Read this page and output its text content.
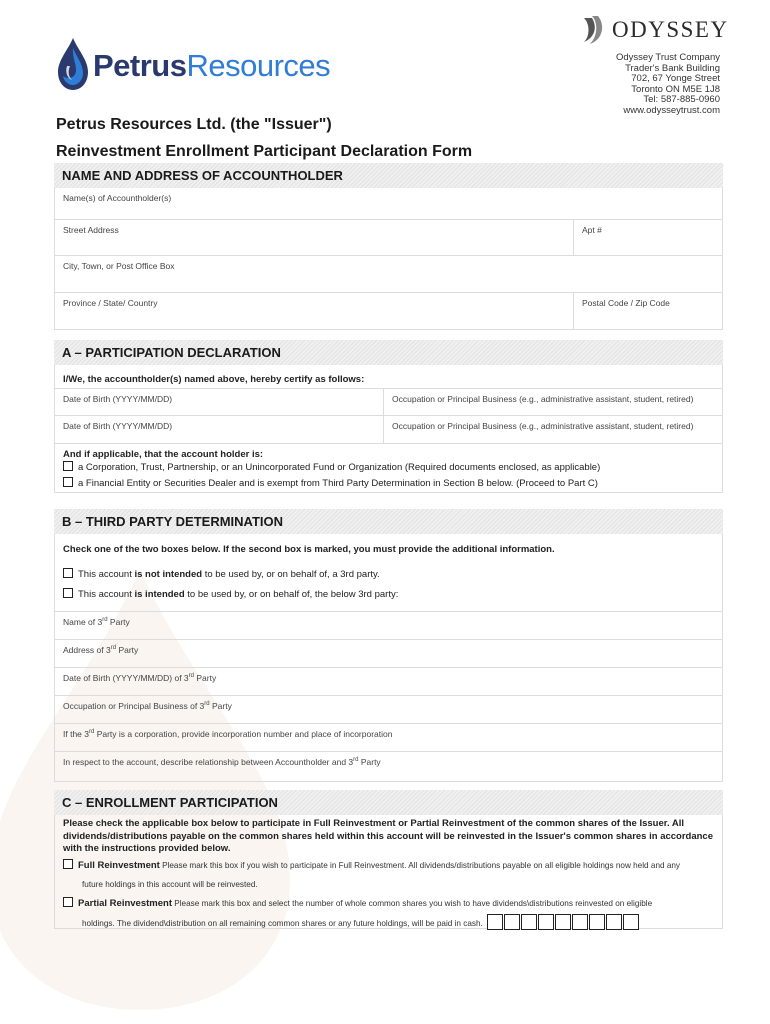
PetrusResources
ODYSSEY
Odyssey Trust Company
Trader's Bank Building
702, 67 Yonge Street
Toronto ON M5E 1J8
Tel: 587-885-0960
www.odysseytrust.com
Petrus Resources Ltd. (the "Issuer")
Reinvestment Enrollment Participant Declaration Form
NAME AND ADDRESS OF ACCOUNTHOLDER
Name(s) of Accountholder(s)
Street Address	Apt #
City, Town, or Post Office Box
Province / State/ Country	Postal Code / Zip Code
A – PARTICIPATION DECLARATION
I/We, the accountholder(s) named above, hereby certify as follows:
Date of Birth (YYYY/MM/DD)	Occupation or Principal Business (e.g., administrative assistant, student, retired)
Date of Birth (YYYY/MM/DD)	Occupation or Principal Business (e.g., administrative assistant, student, retired)
And if applicable, that the account holder is:
a Corporation, Trust, Partnership, or an Unincorporated Fund or Organization (Required documents enclosed, as applicable)
a Financial Entity or Securities Dealer and is exempt from Third Party Determination in Section B below. (Proceed to Part C)
B – THIRD PARTY DETERMINATION
Check one of the two boxes below. If the second box is marked, you must provide the additional information.
This account is not intended to be used by, or on behalf of, a 3rd party.
This account is intended to be used by, or on behalf of, the below 3rd party:
Name of 3rd Party
Address of 3rd Party
Date of Birth (YYYY/MM/DD) of 3rd Party
Occupation or Principal Business of 3rd Party
If the 3rd Party is a corporation, provide incorporation number and place of incorporation
In respect to the account, describe relationship between Accountholder and 3rd Party
C – ENROLLMENT PARTICIPATION
Please check the applicable box below to participate in Full Reinvestment or Partial Reinvestment of the common shares of the Issuer. All dividends/distributions payable on the common shares held within this account will be reinvested in the Issuer's common shares in accordance with the instructions provided below.
Full Reinvestment Please mark this box if you wish to participate in Full Reinvestment. All dividends/distributions payable on all eligible holdings now held and any
future holdings in this account will be reinvested.
Partial Reinvestment Please mark this box and select the number of whole common shares you wish to have dividends\distributions reinvested on eligible
holdings. The dividend\distribution on all remaining common shares or any future holdings, will be paid in cash.
